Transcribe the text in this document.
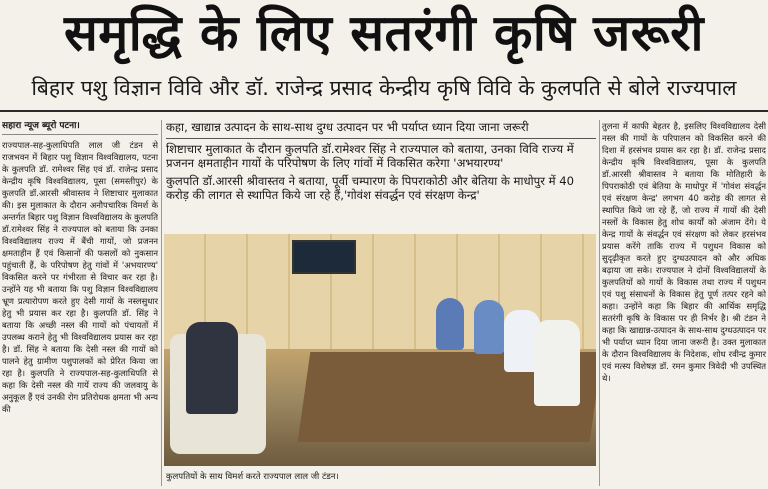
समृद्धि के लिए सतरंगी कृषि जरूरी
बिहार पशु विज्ञान विवि और डॉ. राजेन्द्र प्रसाद केन्द्रीय कृषि विवि के कुलपति से बोले राज्यपाल
सहारा न्यूज ब्यूरो पटना।
राज्यपाल-सह-कुलाधिपति लाल जी टंडन से राजभवन में बिहार पशु विज्ञान विश्वविद्यालय, पटना के कुलपति डॉ. रामेश्वर सिंह एवं डॉ. राजेन्द्र प्रसाद केन्द्रीय कृषि विश्वविद्यालय, पूसा (समस्तीपुर) के कुलपति डॉ.आरसी श्रीवास्तव ने शिष्टाचार मुलाकात की। इस मुलाकात के दौरान अनौपचारिक विमर्श के अन्तर्गत बिहार पशु विज्ञान विश्वविद्यालय के कुलपति डॉ.रामेश्वर सिंह ने राज्यपाल को बताया कि उनका विश्वविद्यालय राज्य में बैंची गायों, जो प्रजनन क्षमताहीन हैं एवं किसानों की फसलों को नुकसान पहुंचाती हैं, के परिपोषण हेतु गांवों में 'अभयारण्य' विकसित करने पर गंभीरता से विचार कर रहा है। उन्होंने यह भी बताया कि पशु विज्ञान विश्वविद्यालय भ्रूण प्रत्यारोपण करते हुए देसी गायों के नस्लसुधार हेतु भी प्रयास कर रहा है। कुलपति डॉ. सिंह ने बताया कि अच्छी नस्ल की गायों को पंचायतों में उपलब्ध कराने हेतु भी विश्वविद्यालय प्रयास कर रहा है। डॉ. सिंह ने बताया कि देसी नस्ल की गायों को पालने हेतु ग्रामीण पशुपालकों को प्रेरित किया जा रहा है। कुलपति ने राज्यपाल-सह-कुलाधिपति से कहा कि देसी नस्ल की गायें राज्य की जलवायु के अनुकूल हैं एवं उनकी रोग प्रतिरोधक क्षमता भी अन्य की

कहा, खाद्यान्न उत्पादन के साथ-साथ दुग्ध उत्पादन पर भी पर्याप्त ध्यान दिया जाना जरूरी

शिष्टाचार मुलाकात के दौरान कुलपति डॉ.रामेश्वर सिंह ने राज्यपाल को बताया, उनका विवि राज्य में प्रजनन क्षमताहीन गायों के परिपोषण के लिए गांवों में विकसित करेगा 'अभयारण्य'

कुलपति डॉ.आरसी श्रीवास्तव ने बताया, पूर्वी चम्पारण के पिपराकोठी और बेतिया के माधोपुर में 40 करोड़ की लागत से स्थापित किये जा रहे हैं,'गोवंश संवर्द्धन एवं संरक्षण केन्द्र'

कुलपतियों के साथ विमर्श करते राज्यपाल लाल जी टंडन।
तुलना में काफी बेहतर है, इसलिए विश्वविद्यालय देसी नस्ल की गायों के परिपालन को विकसित करने की दिशा में हरसंभव प्रयास कर रहा है। डॉ. राजेन्द्र प्रसाद केन्द्रीय कृषि विश्वविद्यालय, पूसा के कुलपति डॉ.आरसी श्रीवास्तव ने बताया कि मोतिहारी के पिपराकोठी एवं बेतिया के माधोपुर में 'गोवंश संवर्द्धन एवं संरक्षण केन्द्र' लगभग 40 करोड़ की लागत से स्थापित किये जा रहे हैं, जो राज्य में गायों की देसी नस्लों के विकास हेतु शोध कार्यों को अंजाम देंगे। ये केन्द्र गायों के संवर्द्धन एवं संरक्षण को लेकर हरसंभव प्रयास करेंगे ताकि राज्य में पशुधन विकास को सुदृढ़ीकृत करते हुए दुग्धउत्पादन को और अधिक बढ़ाया जा सके। राज्यपाल ने दोनों विश्वविद्यालयों के कुलपतियों को गायों के विकास तथा राज्य में पशुधन एवं पशु संसाधनों के विकास हेतु पूर्ण तत्पर रहने को कहा। उन्होंने कहा कि बिहार की आर्थिक समृद्धि सतरंगी कृषि के विकास पर ही निर्भर है। श्री टंडन ने कहा कि खाद्यान्न-उत्पादन के साथ-साथ दुग्धउत्पादन पर भी पर्याप्त ध्यान दिया जाना जरूरी है। उक्त मुलाकात के दौरान विश्वविद्यालय के निदेशक, शोध रवीन्द्र कुमार एवं मत्स्य विशेषज्ञ डॉ. रमन कुमार त्रिवेदी भी उपस्थित थे।
